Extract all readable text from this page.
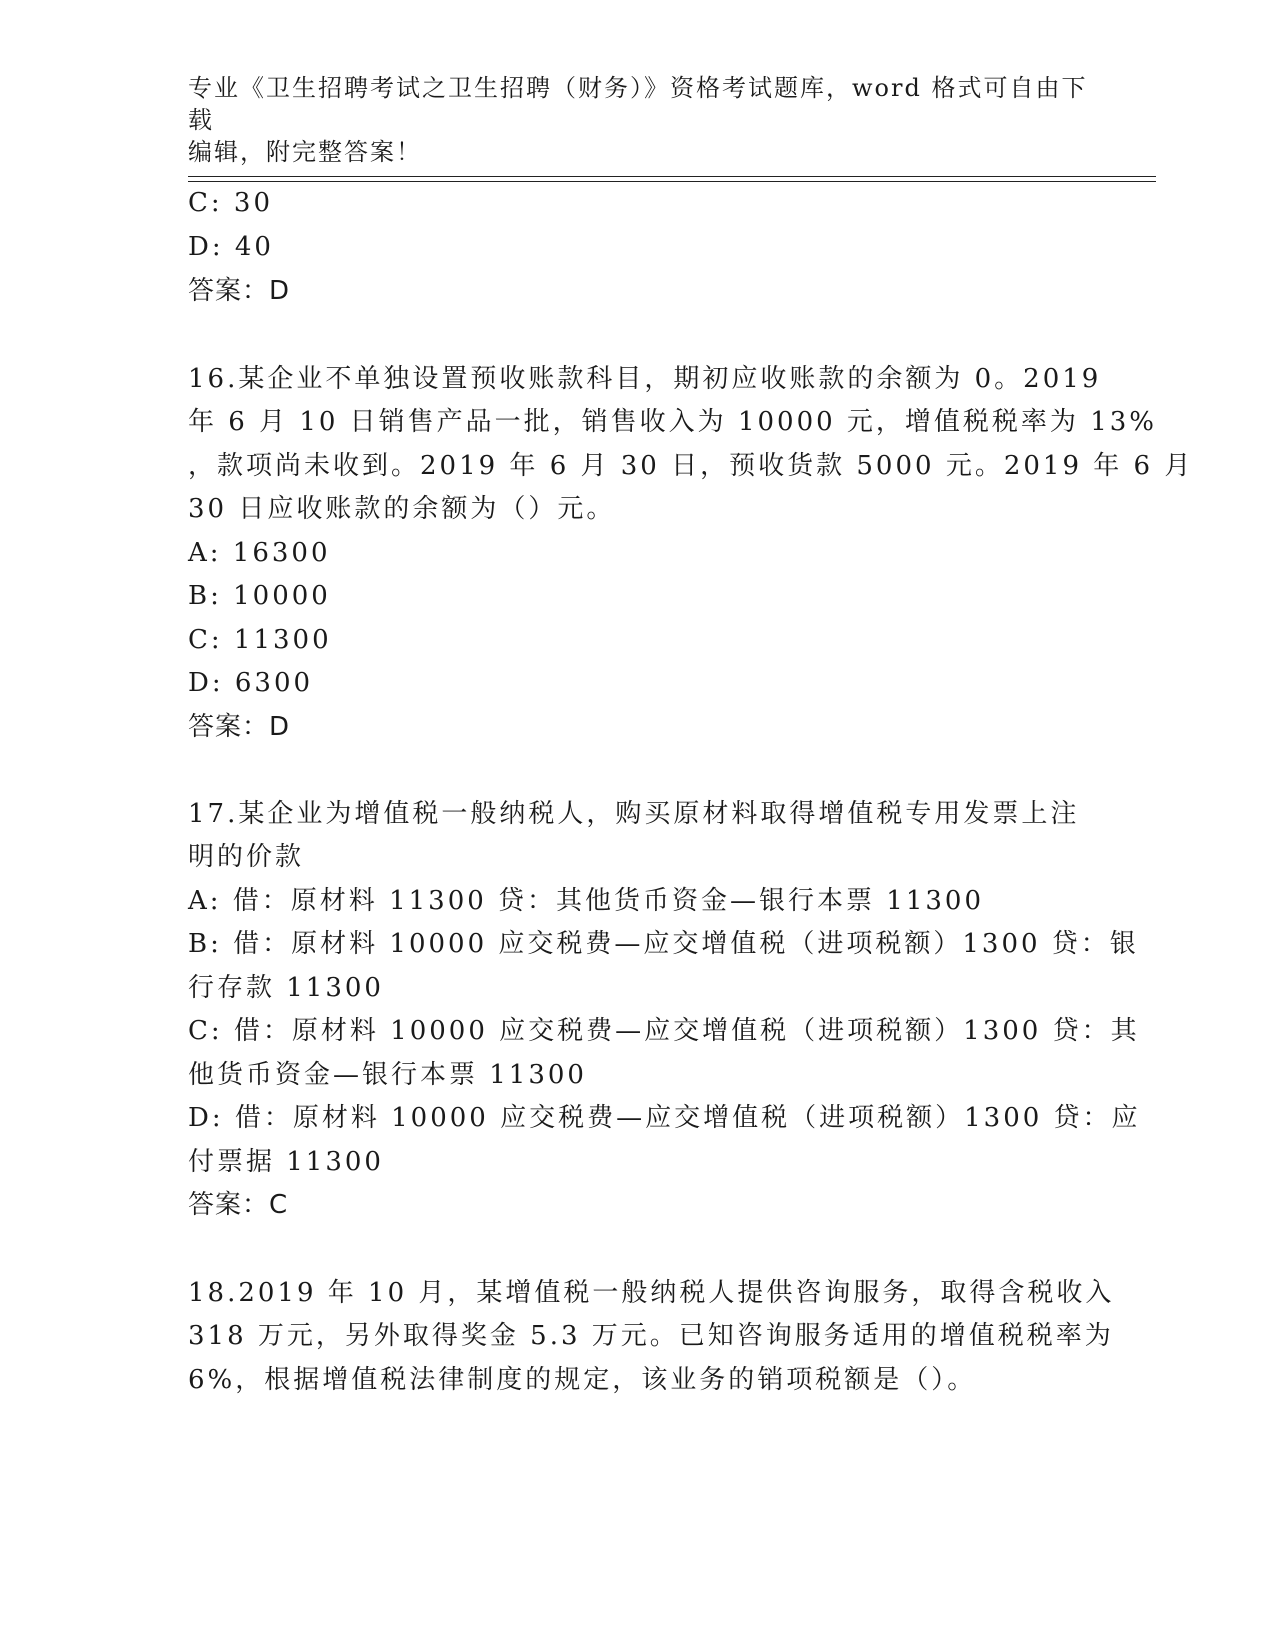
专业《卫生招聘考试之卫生招聘（财务）》资格考试题库，word 格式可自由下载
编辑，附完整答案！
C: 30
D: 40
答案：D
16.某企业不单独设置预收账款科目，期初应收账款的余额为 0。2019
年 6 月 10 日销售产品一批，销售收入为 10000 元，增值税税率为 13%
，款项尚未收到。2019 年 6 月 30 日，预收货款 5000 元。2019 年 6 月
30 日应收账款的余额为（）元。
A: 16300
B: 10000
C: 11300
D: 6300
答案：D
17.某企业为增值税一般纳税人，购买原材料取得增值税专用发票上注
明的价款
A: 借：原材料 11300 贷：其他货币资金—银行本票 11300
B: 借：原材料 10000 应交税费—应交增值税（进项税额）1300 贷：银
行存款 11300
C: 借：原材料 10000 应交税费—应交增值税（进项税额）1300 贷：其
他货币资金—银行本票 11300
D: 借：原材料 10000 应交税费—应交增值税（进项税额）1300 贷：应
付票据 11300
答案：C
18.2019 年 10 月，某增值税一般纳税人提供咨询服务，取得含税收入
318 万元，另外取得奖金 5.3 万元。已知咨询服务适用的增值税税率为
6%，根据增值税法律制度的规定，该业务的销项税额是（）。
